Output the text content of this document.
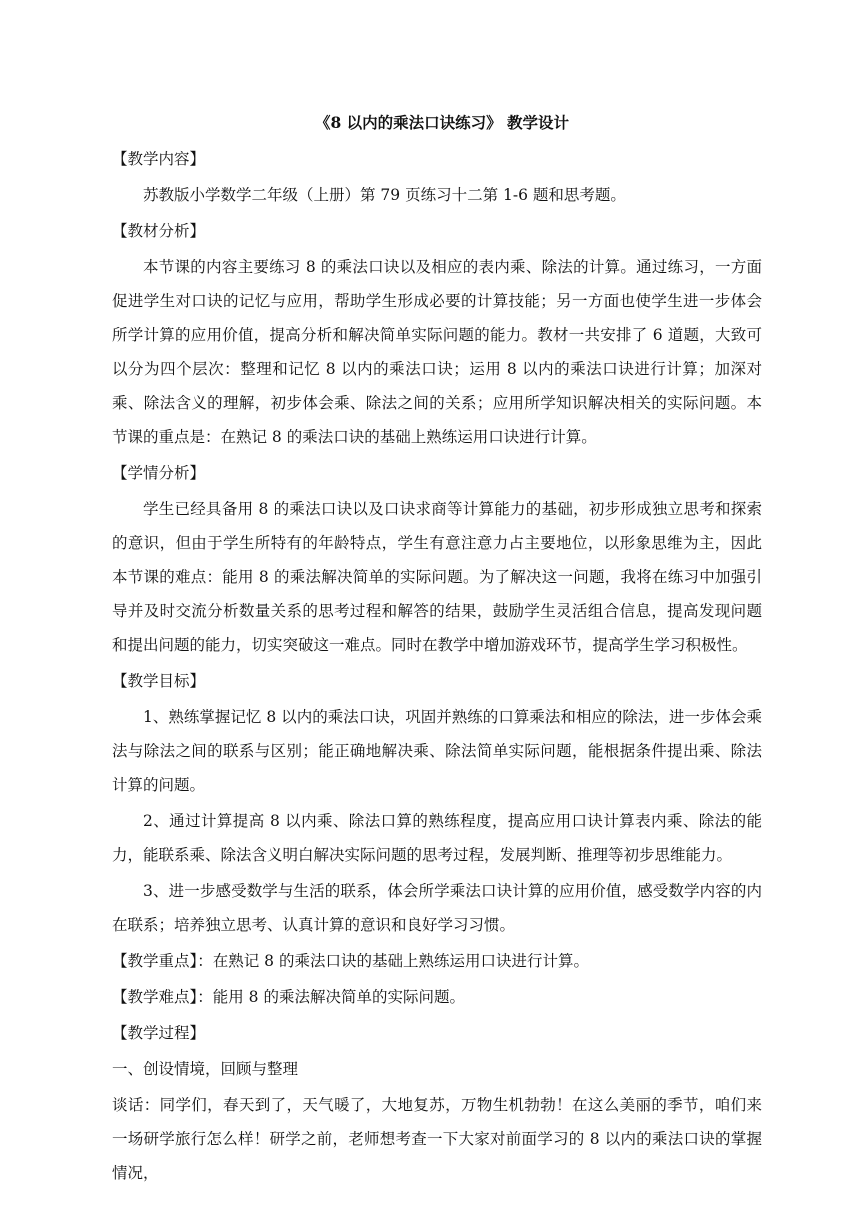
《8 以内的乘法口诀练习》 教学设计

【教学内容】

苏教版小学数学二年级（上册）第 79 页练习十二第 1-6 题和思考题。

【教材分析】

本节课的内容主要练习 8 的乘法口诀以及相应的表内乘、除法的计算。通过练习，一方面促进学生对口诀的记忆与应用，帮助学生形成必要的计算技能；另一方面也使学生进一步体会所学计算的应用价值，提高分析和解决简单实际问题的能力。教材一共安排了 6 道题，大致可以分为四个层次：整理和记忆 8 以内的乘法口诀；运用 8 以内的乘法口诀进行计算；加深对乘、除法含义的理解，初步体会乘、除法之间的关系；应用所学知识解决相关的实际问题。本节课的重点是：在熟记 8 的乘法口诀的基础上熟练运用口诀进行计算。

【学情分析】

学生已经具备用 8 的乘法口诀以及口诀求商等计算能力的基础，初步形成独立思考和探索的意识，但由于学生所特有的年龄特点，学生有意注意力占主要地位，以形象思维为主，因此本节课的难点：能用 8 的乘法解决简单的实际问题。为了解决这一问题，我将在练习中加强引导并及时交流分析数量关系的思考过程和解答的结果，鼓励学生灵活组合信息，提高发现问题和提出问题的能力，切实突破这一难点。同时在教学中增加游戏环节，提高学生学习积极性。

【教学目标】

1、熟练掌握记忆 8 以内的乘法口诀，巩固并熟练的口算乘法和相应的除法，进一步体会乘法与除法之间的联系与区别；能正确地解决乘、除法简单实际问题，能根据条件提出乘、除法计算的问题。

2、通过计算提高 8 以内乘、除法口算的熟练程度，提高应用口诀计算表内乘、除法的能力，能联系乘、除法含义明白解决实际问题的思考过程，发展判断、推理等初步思维能力。

3、进一步感受数学与生活的联系，体会所学乘法口诀计算的应用价值，感受数学内容的内在联系；培养独立思考、认真计算的意识和良好学习习惯。

【教学重点】：在熟记 8 的乘法口诀的基础上熟练运用口诀进行计算。

【教学难点】：能用 8 的乘法解决简单的实际问题。

【教学过程】

一、创设情境，回顾与整理

谈话：同学们，春天到了，天气暖了，大地复苏，万物生机勃勃！在这么美丽的季节，咱们来一场研学旅行怎么样！研学之前，老师想考查一下大家对前面学习的 8 以内的乘法口诀的掌握情况，
